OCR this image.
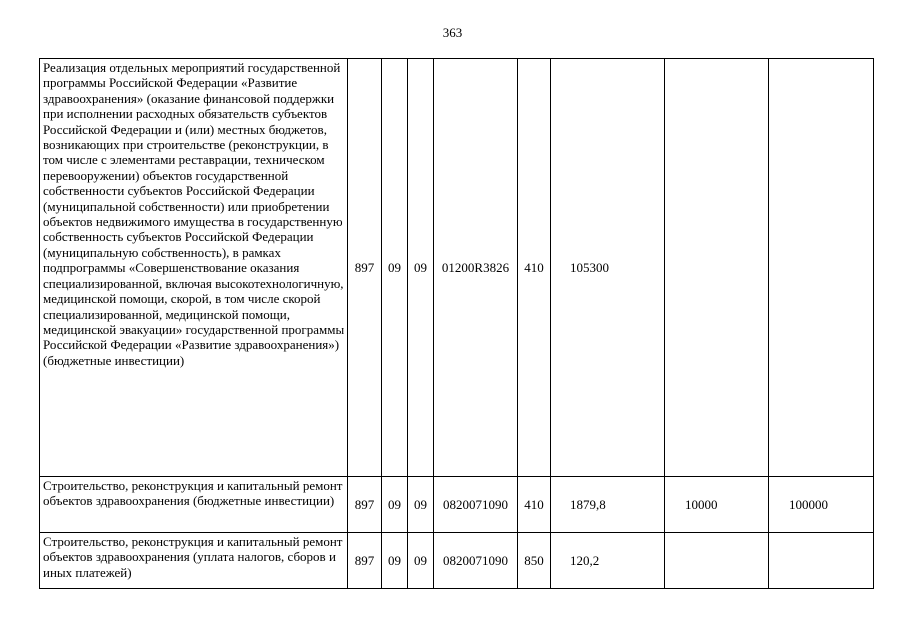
363
Реализация отдельных мероприятий государственной программы Российской Федерации «Развитие здравоохранения» (оказание финансовой поддержки при исполнении расходных обязательств субъектов Российской Федерации и (или) местных бюджетов, возникающих при строительстве (реконструкции, в том числе с элементами реставрации, техническом перевооружении) объектов государственной собственности субъектов Российской Федерации (муниципальной собственности) или приобретении объектов недвижимого имущества в государственную собственность субъектов Российской Федерации (муниципальную собственность), в рамках подпрограммы «Совершенствование оказания специализированной, включая высокотехнологичную, медицинской помощи, скорой, в том числе скорой специализированной, медицинской помощи, медицинской эвакуации» государственной программы Российской Федерации «Развитие здравоохранения») (бюджетные инвестиции)	897	09	09	01200R3826	410	105300		
Строительство, реконструкция и капитальный ремонт объектов здравоохранения (бюджетные инвестиции)	897	09	09	0820071090	410	1879,8	10000	100000
Строительство, реконструкция и капитальный ремонт объектов здравоохранения (уплата налогов, сборов и иных платежей)	897	09	09	0820071090	850	120,2		
